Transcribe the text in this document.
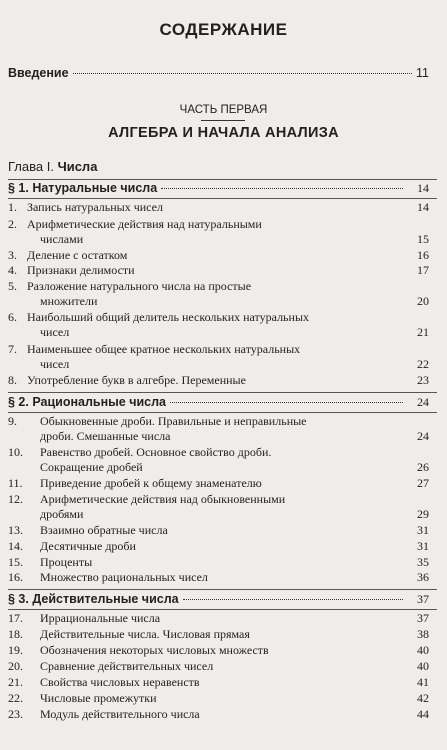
СОДЕРЖАНИЕ
Введение	11
ЧАСТЬ ПЕРВАЯ
АЛГЕБРА И НАЧАЛА АНАЛИЗА
Глава I. Числа
§ 1. Натуральные числа	14
1. Запись натуральных чисел	14
2. Арифметические действия над натуральными
числами	15
3. Деление с остатком	16
4. Признаки делимости	17
5. Разложение натурального числа на простые
множители	20
6. Наибольший общий делитель нескольких натуральных
чисел	21
7. Наименьшее общее кратное нескольких натуральных
чисел	22
8. Употребление букв в алгебре. Переменные	23
§ 2. Рациональные числа	24
9. Обыкновенные дроби. Правильные и неправильные
дроби. Смешанные числа	24
10. Равенство дробей. Основное свойство дроби.
Сокращение дробей	26
11. Приведение дробей к общему знаменателю	27
12. Арифметические действия над обыкновенными
дробями	29
13. Взаимно обратные числа	31
14. Десятичные дроби	31
15. Проценты	35
16. Множество рациональных чисел	36
§ 3. Действительные числа	37
17. Иррациональные числа	37
18. Действительные числа. Числовая прямая	38
19. Обозначения некоторых числовых множеств	40
20. Сравнение действительных чисел	40
21. Свойства числовых неравенств	41
22. Числовые промежутки	42
23. Модуль действительного числа	44
